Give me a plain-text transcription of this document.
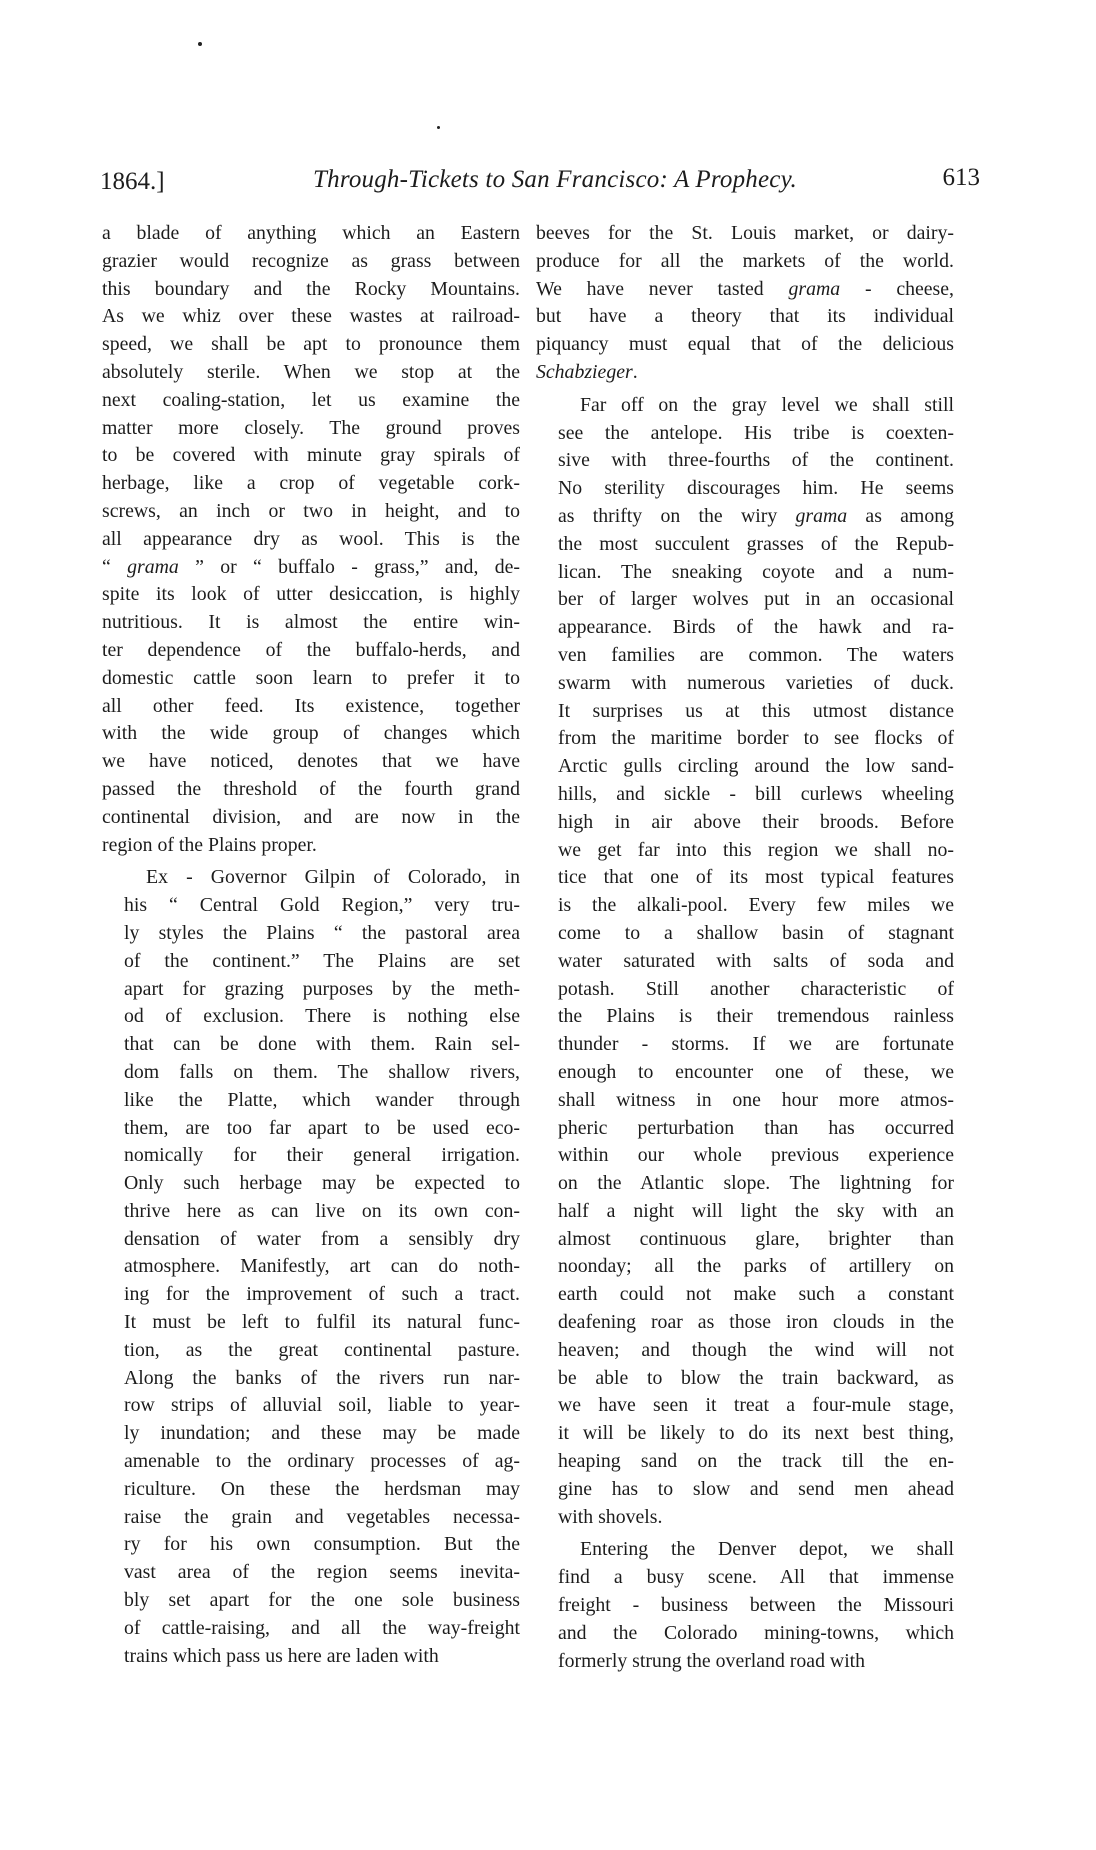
1864.]	Through-Tickets to San Francisco: A Prophecy.	613

a blade of anything which an Eastern
grazier would recognize as grass between
this boundary and the Rocky Mountains.
As we whiz over these wastes at railroad-
speed, we shall be apt to pronounce them
absolutely sterile. When we stop at the
next coaling-station, let us examine the
matter more closely. The ground proves
to be covered with minute gray spirals of
herbage, like a crop of vegetable cork-
screws, an inch or two in height, and to
all appearance dry as wool. This is the
“ grama ” or “ buffalo - grass,” and, de-
spite its look of utter desiccation, is highly
nutritious. It is almost the entire win-
ter dependence of the buffalo-herds, and
domestic cattle soon learn to prefer it to
all other feed. Its existence, together
with the wide group of changes which
we have noticed, denotes that we have
passed the threshold of the fourth grand
continental division, and are now in the
region of the Plains proper.

Ex - Governor Gilpin of Colorado, in
his “ Central Gold Region,” very tru-
ly styles the Plains “ the pastoral area
of the continent.” The Plains are set
apart for grazing purposes by the meth-
od of exclusion. There is nothing else
that can be done with them. Rain sel-
dom falls on them. The shallow rivers,
like the Platte, which wander through
them, are too far apart to be used eco-
nomically for their general irrigation.
Only such herbage may be expected to
thrive here as can live on its own con-
densation of water from a sensibly dry
atmosphere. Manifestly, art can do noth-
ing for the improvement of such a tract.
It must be left to fulfil its natural func-
tion, as the great continental pasture.
Along the banks of the rivers run nar-
row strips of alluvial soil, liable to year-
ly inundation; and these may be made
amenable to the ordinary processes of ag-
riculture. On these the herdsman may
raise the grain and vegetables necessa-
ry for his own consumption. But the
vast area of the region seems inevita-
bly set apart for the one sole business
of cattle-raising, and all the way-freight
trains which pass us here are laden with

beeves for the St. Louis market, or dairy-
produce for all the markets of the world.
We have never tasted grama - cheese,
but have a theory that its individual
piquancy must equal that of the delicious
Schabzieger.

Far off on the gray level we shall still
see the antelope. His tribe is coexten-
sive with three-fourths of the continent.
No sterility discourages him. He seems
as thrifty on the wiry grama as among
the most succulent grasses of the Repub-
lican. The sneaking coyote and a num-
ber of larger wolves put in an occasional
appearance. Birds of the hawk and ra-
ven families are common. The waters
swarm with numerous varieties of duck.
It surprises us at this utmost distance
from the maritime border to see flocks of
Arctic gulls circling around the low sand-
hills, and sickle - bill curlews wheeling
high in air above their broods. Before
we get far into this region we shall no-
tice that one of its most typical features
is the alkali-pool. Every few miles we
come to a shallow basin of stagnant
water saturated with salts of soda and
potash. Still another characteristic of
the Plains is their tremendous rainless
thunder - storms. If we are fortunate
enough to encounter one of these, we
shall witness in one hour more atmos-
pheric perturbation than has occurred
within our whole previous experience
on the Atlantic slope. The lightning for
half a night will light the sky with an
almost continuous glare, brighter than
noonday; all the parks of artillery on
earth could not make such a constant
deafening roar as those iron clouds in the
heaven; and though the wind will not
be able to blow the train backward, as
we have seen it treat a four-mule stage,
it will be likely to do its next best thing,
heaping sand on the track till the en-
gine has to slow and send men ahead
with shovels.

Entering the Denver depot, we shall
find a busy scene. All that immense
freight - business between the Missouri
and the Colorado mining-towns, which
formerly strung the overland road with
